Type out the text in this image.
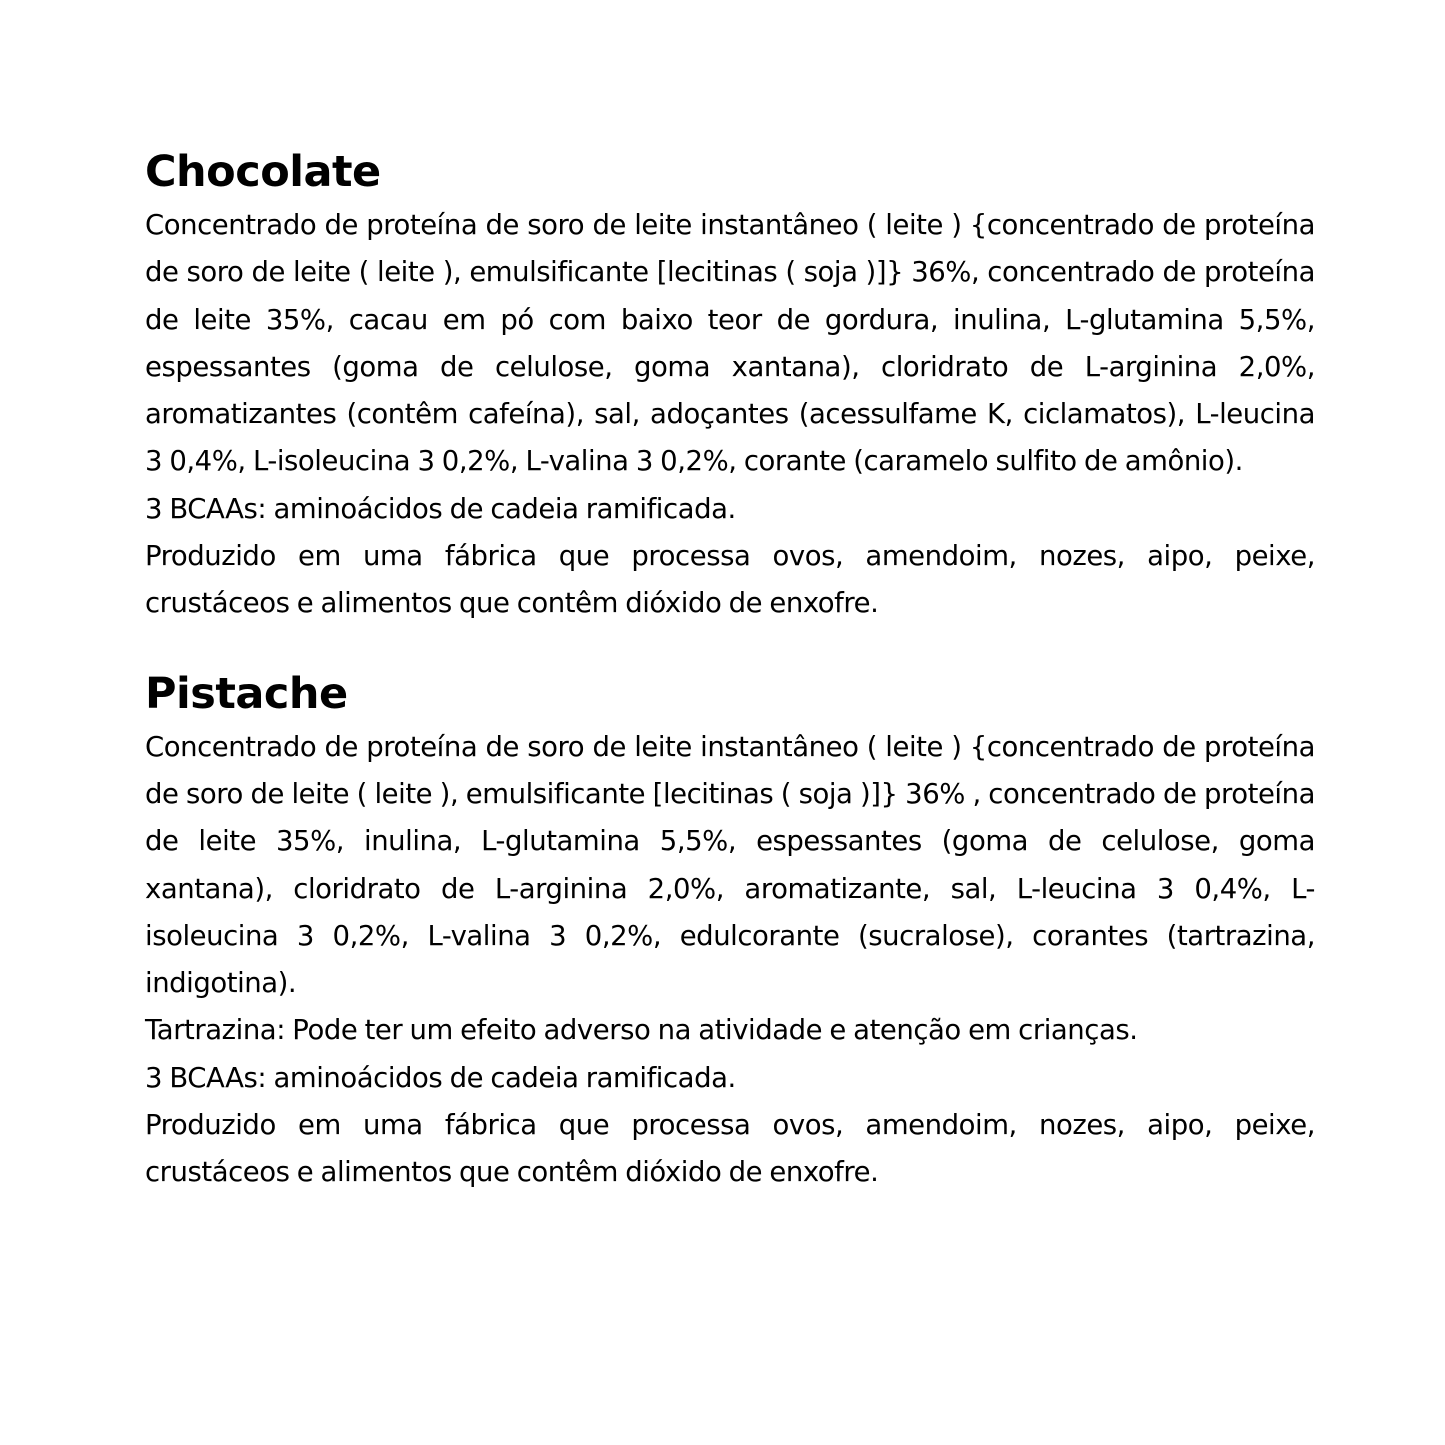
Chocolate

Concentrado de proteína de soro de leite instantâneo ( leite ) {concentrado de proteína de soro de leite ( leite ), emulsificante [lecitinas ( soja )]} 36%, concentrado de proteína de leite 35%, cacau em pó com baixo teor de gordura, inulina, L-glutamina 5,5%, espessantes (goma de celulose, goma xantana), cloridrato de L-arginina 2,0%, aromatizantes (contêm cafeína), sal, adoçantes (acessulfame K, ciclamatos), L-leucina 3 0,4%, L-isoleucina 3 0,2%, L-valina 3 0,2%, corante (caramelo sulfito de amônio).

3 BCAAs: aminoácidos de cadeia ramificada.

Produzido em uma fábrica que processa ovos, amendoim, nozes, aipo, peixe, crustáceos e alimentos que contêm dióxido de enxofre.

Pistache

Concentrado de proteína de soro de leite instantâneo ( leite ) {concentrado de proteína de soro de leite ( leite ), emulsificante [lecitinas ( soja )]} 36% , concentrado de proteína de leite 35%, inulina, L-glutamina 5,5%, espessantes (goma de celulose, goma xantana), cloridrato de L-arginina 2,0%, aromatizante, sal, L-leucina 3 0,4%, L-isoleucina 3 0,2%, L-valina 3 0,2%, edulcorante (sucralose), corantes (tartrazina, indigotina).

Tartrazina: Pode ter um efeito adverso na atividade e atenção em crianças.

3 BCAAs: aminoácidos de cadeia ramificada.

Produzido em uma fábrica que processa ovos, amendoim, nozes, aipo, peixe, crustáceos e alimentos que contêm dióxido de enxofre.
